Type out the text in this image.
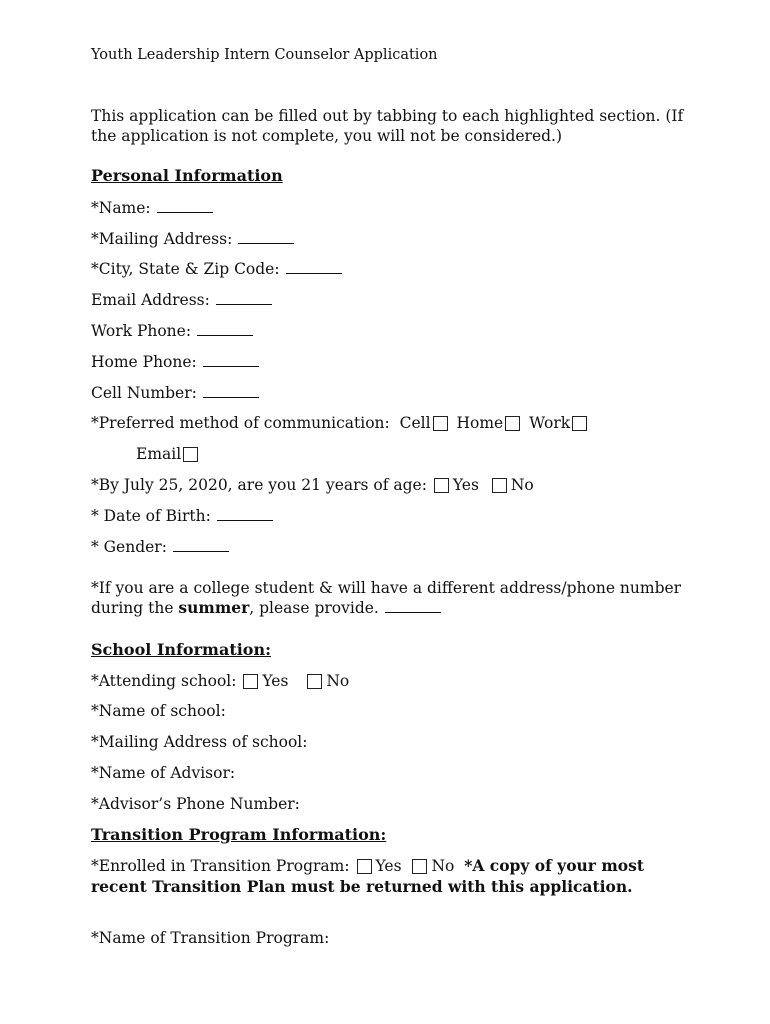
Youth Leadership Intern Counselor Application
This application can be filled out by tabbing to each highlighted section. (If the application is not complete, you will not be considered.)
Personal Information
*Name:
*Mailing Address:
*City, State & Zip Code:
Email Address:
Work Phone:
Home Phone:
Cell Number:
*Preferred method of communication: Cell Home Work
Email
*By July 25, 2020, are you 21 years of age: Yes No
* Date of Birth:
* Gender:
*If you are a college student & will have a different address/phone number
during the summer, please provide.
School Information:
*Attending school: Yes No
*Name of school:
*Mailing Address of school:
*Name of Advisor:
*Advisor’s Phone Number:
Transition Program Information:
*Enrolled in Transition Program: Yes No *A copy of your most
recent Transition Plan must be returned with this application.
*Name of Transition Program:
